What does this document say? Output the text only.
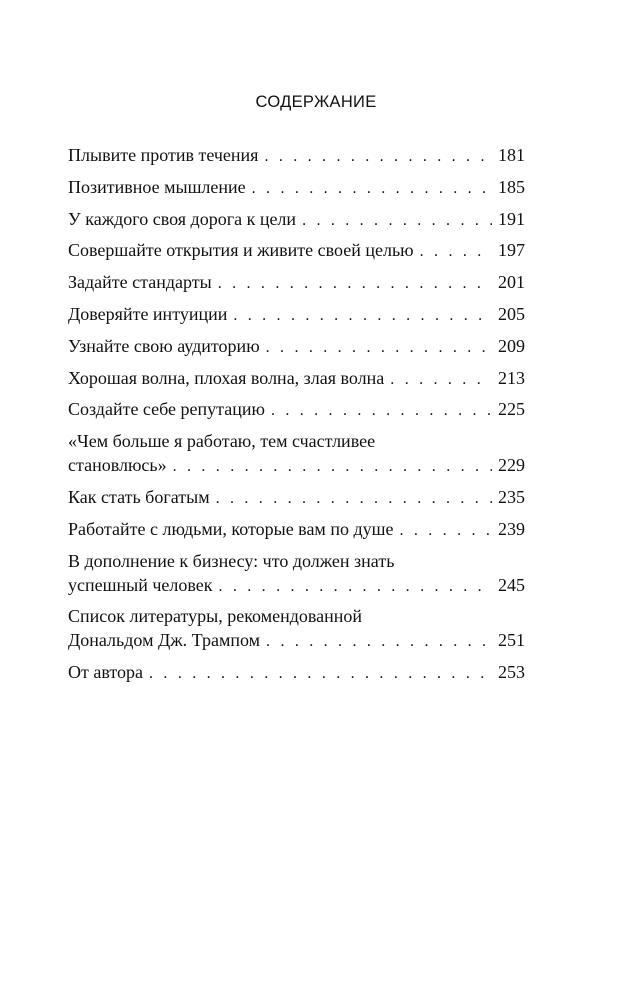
СОДЕРЖАНИЕ
Плывите против течения . . .	181
Позитивное мышление . . .	185
У каждого своя дорога к цели . . .	191
Совершайте открытия и живите своей целью . . .	197
Задайте стандарты . . .	201
Доверяйте интуиции . . .	205
Узнайте свою аудиторию . . .	209
Хорошая волна, плохая волна, злая волна . . .	213
Создайте себе репутацию . . .	225
«Чем больше я работаю, тем счастливее
становлюсь» . . .	229
Как стать богатым . . .	235
Работайте с людьми, которые вам по душе . . .	239
В дополнение к бизнесу: что должен знать
успешный человек . . .	245
Список литературы, рекомендованной
Дональдом Дж. Трампом . . .	251
От автора . . .	253
